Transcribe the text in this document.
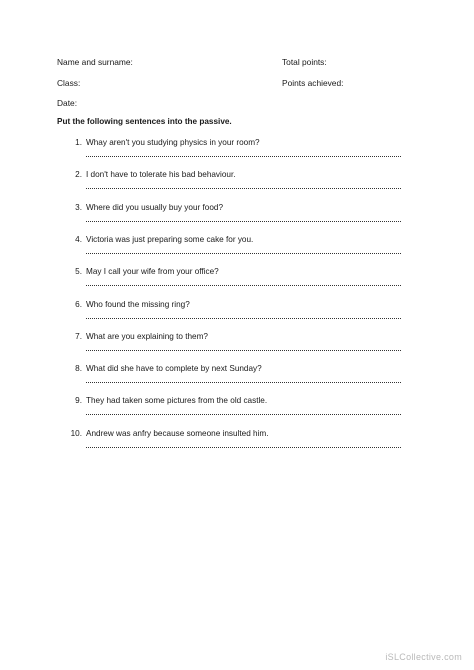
Name and surname:	Total points:
Class:	Points achieved:
Date:
Put the following sentences into the passive.
1. Whay aren't you studying physics in your room?
2. I don't have to tolerate his bad behaviour.
3. Where did you usually buy your food?
4. Victoria was just preparing some cake for you.
5. May I call your wife from your office?
6. Who found the missing ring?
7. What are you explaining to them?
8. What did she have to complete by next Sunday?
9. They had taken some pictures from the old castle.
10. Andrew was anfry because someone insulted him.
iSLCollective.com
